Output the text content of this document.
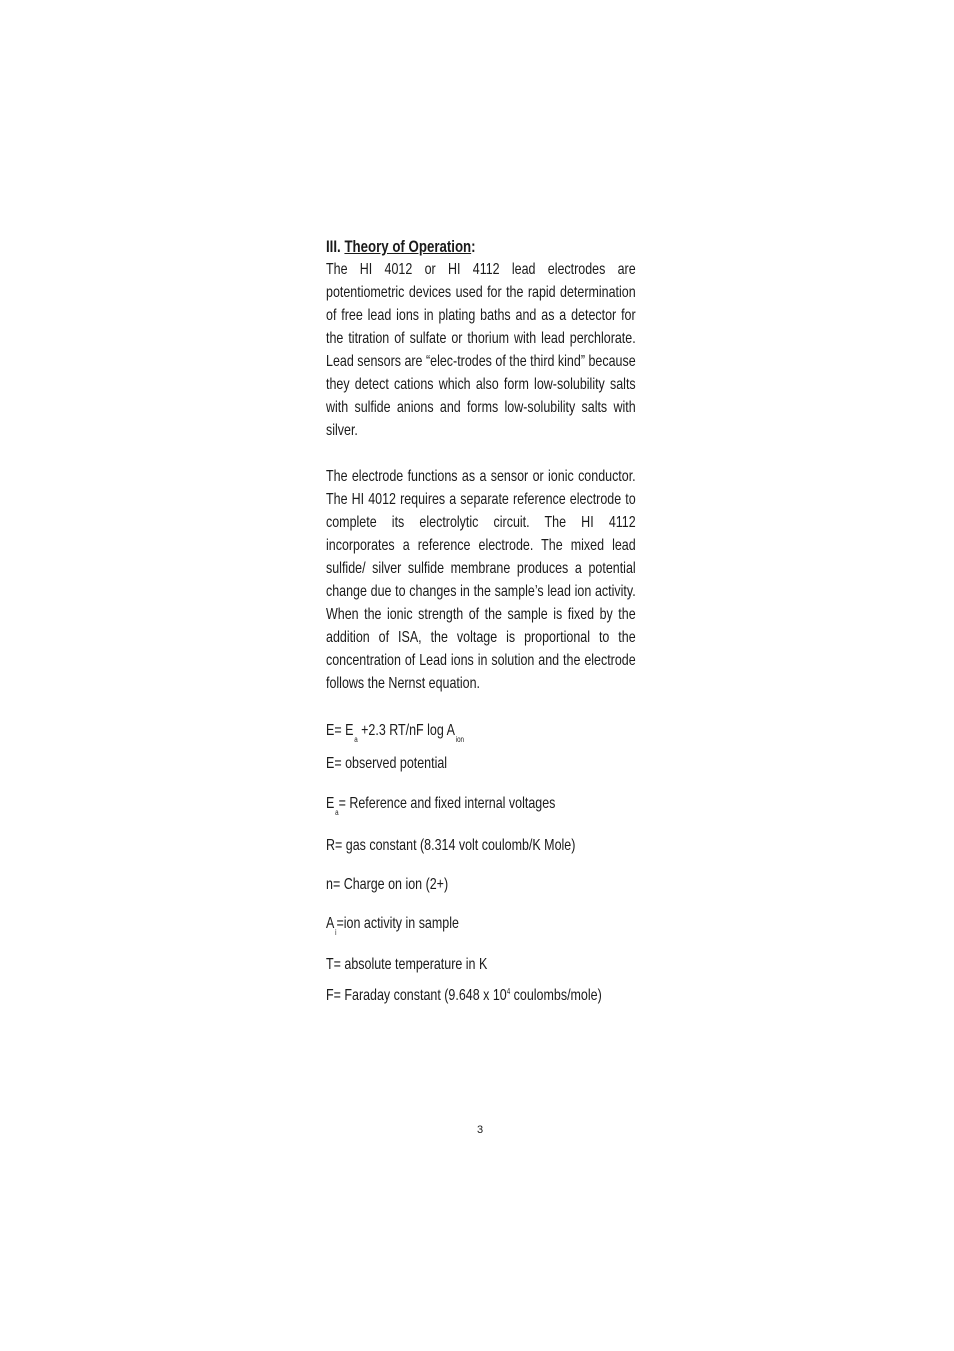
III. Theory of Operation:

The HI 4012 or HI 4112 lead electrodes are potentiometric devices used for the rapid determination of free lead ions in plating baths and as a detector for the titration of sulfate or thorium with lead perchlorate. Lead sensors are “elec-trodes of the third kind” because they detect cations which also form low-solubility salts with sulfide anions and forms low-solubility salts with silver.

The electrode functions as a sensor or ionic conductor. The HI 4012 requires a separate reference electrode to complete its electrolytic circuit. The HI 4112 incorporates a reference electrode. The mixed lead sulfide/ silver sulfide membrane produces a potential change due to changes in the sample’s lead ion activity. When the ionic strength of the sample is fixed by the addition of ISA, the voltage is proportional to the concentration of Lead ions in solution and the electrode follows the Nernst equation.

$E= E_a +2.3$ RT/nF $\log A_{ion}$
E= observed potential
$E_a=$ Reference and fixed internal voltages
R= gas constant (8.314 volt coulomb/K Mole)
n= Charge on ion (2+)
$A_i=ion$ activity in sample
T= absolute temperature in K
F= Faraday constant (9.648 x $10^4$ coulombs/mole)
3
